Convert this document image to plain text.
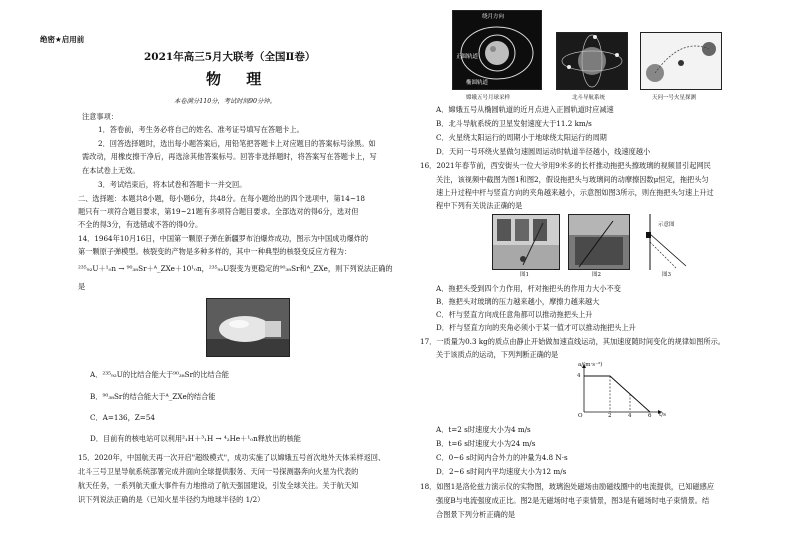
绝密★启用前
2021年高三5月大联考（全国Ⅱ卷）
物 理
本卷满分110分，考试时间90分钟。
注意事项：
1．答卷前，考生务必将自己的姓名、准考证号填写在答题卡上。
2．回答选择题时，选出每小题答案后，用铅笔把答题卡上对应题目的答案标号涂黑。如
需改动，用橡皮擦干净后，再选涂其他答案标号。回答非选择题时，将答案写在答题卡上，写
在本试卷上无效。
3．考试结束后，将本试卷和答题卡一并交回。
二、选择题：本题共8小题，每小题6分，共48分。在每小题给出的四个选项中，第14~18
题只有一项符合题目要求，第19~21题有多项符合题目要求。全部选对的得6分，选对但
不全的得3分，有选错或不答的得0分。
14．1964年10月16日，中国第一颗原子弹在新疆罗布泊爆炸成功，图示为中国成功爆炸的
第一颗原子弹模型。核裂变的产物是多种多样的，其中一种典型的核裂变反应方程为：
²³⁵₉₂U＋¹₀n → ⁹⁰₃₈Sr＋ᴬ_ZXe＋10¹₀n，²³⁵₉₂U裂变为更稳定的⁹⁰₃₈Sr和ᴬ_ZXe，则下列说法正确的
是
A．²³⁵₉₂U的比结合能大于⁹⁰₃₈Sr的比结合能
B．⁹⁰₃₈Sr的结合能大于ᴬ_ZXe的结合能
C．A=136，Z=54
D．目前有的核电站可以利用²₁H＋³₁H → ⁴₂He＋¹₀n释放出的核能
15．2020年，中国航天再一次开启"超级模式"，成功实施了以嫦娥五号首次地外天体采样返回、
北斗三号卫星导航系统部署完成并面向全球提供服务、天问一号探测器奔向火星为代表的
航天任务，一系列航天重大事件有力地推动了航天强国建设，引发全球关注。关于航天知
识下列说法正确的是（已知火星半径约为地球半径的 1/2）
绕月方向
正圆轨道
椭圆轨道
嫦娥五号月球采样	北斗导航系统	天问一号火星探测
A．嫦娥五号从椭圆轨道的近月点进入正圆轨道时应减速
B．北斗导航系统的卫星发射速度大于11.2 km/s
C．火星绕太阳运行的周期小于地球绕太阳运行的周期
D．天问一号环绕火星做匀速圆周运动时轨道半径越小，线速度越小
16．2021年春节前，西安街头一位大爷用9米多的长杆推动拖把头擦玻璃的视频冒引起网民
关注，该视频中截图为图1和图2，假设拖把头与玻璃间的动摩擦因数μ恒定，拖把头匀
速上升过程中杆与竖直方向的夹角越来越小，示意图如图3所示，则在拖把头匀速上升过
程中下列有关说法正确的是
图1	图2
示意图
图3
A．拖把头受到四个力作用，杆对拖把头的作用力大小不变
B．拖把头对玻璃的压力越来越小，摩擦力越来越大
C．杆与竖直方向成任意角都可以推动拖把头上升
D．杆与竖直方向的夹角必须小于某一值才可以推动拖把头上升
17．一质量为0.3 kg的质点由静止开始做加速直线运动，其加速度随时间变化的规律如图所示。
关于该质点的运动，下列判断正确的是
a/(m·s⁻²)
t/s
4
O	2	4	6
A．t=2 s时速度大小为4 m/s
B．t=6 s时速度大小为24 m/s
C．0~6 s时间内合外力的冲量为4.8 N·s
D．2~6 s时间内平均速度大小为12 m/s
18．如图1是洛伦兹力演示仪的实物图，玻璃泡处磁场由励磁线圈中的电流提供，已知磁感应
强度B与电流强度成正比。图2是无磁场时电子束情景，图3是有磁场时电子束情景。结
合图景下列分析正确的是
